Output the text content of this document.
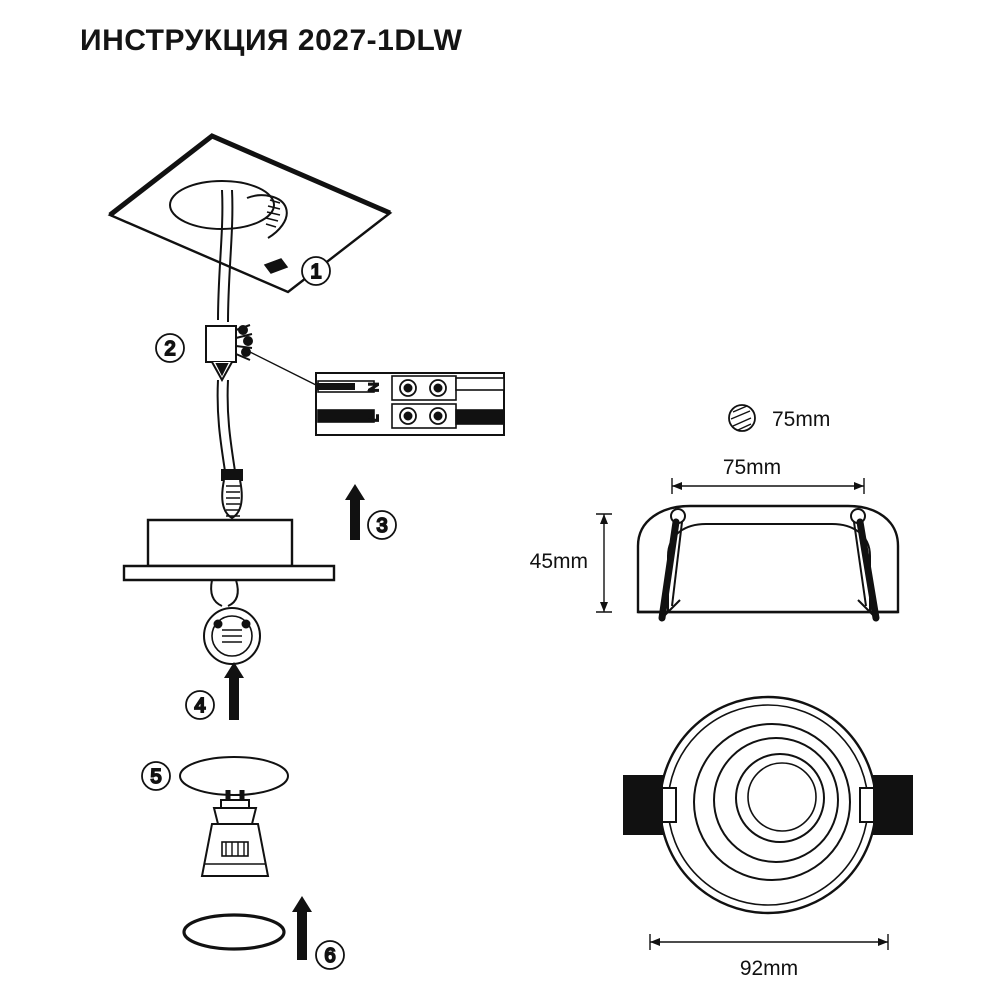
ИНСТРУКЦИЯ 2027-1DLW
N
L
1
2
3
4
5
6
75mm
75mm
45mm
92mm
